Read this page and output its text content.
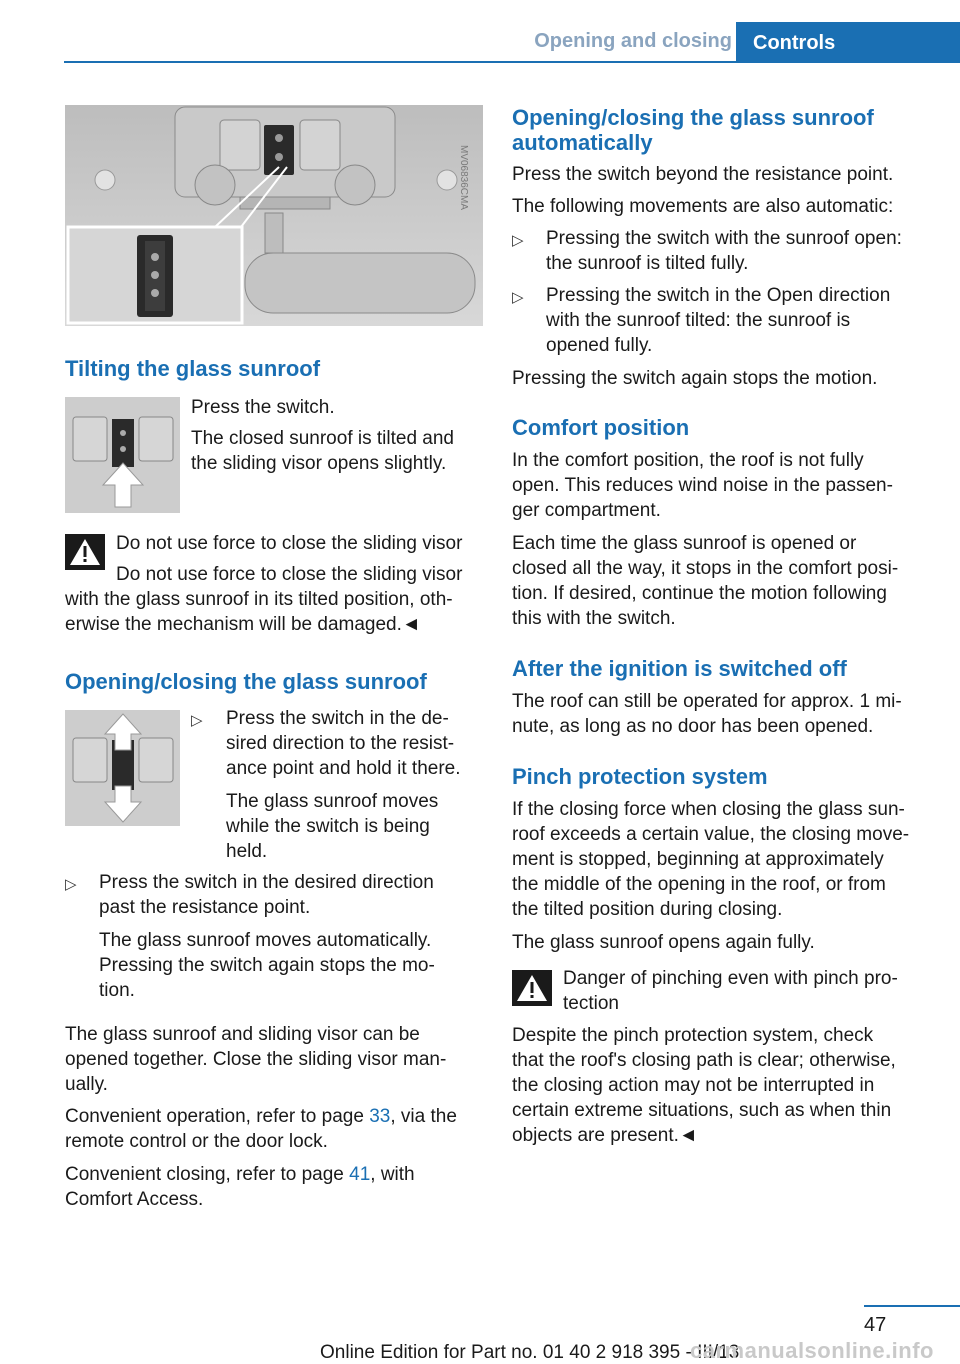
Opening and closing	Controls
MV06836CMA
Tilting the glass sunroof

Press the switch.

The closed sunroof is tilted and

the sliding visor opens slightly.

Do not use force to close the sliding visor

Do not use force to close the sliding visor

with the glass sunroof in its tilted position, oth-

erwise the mechanism will be damaged.◄

Opening/closing the glass sunroof
▷ Press the switch in the de-

sired direction to the resist-

ance point and hold it there.

The glass sunroof moves

while the switch is being

held.

▷ Press the switch in the desired direction

past the resistance point.

The glass sunroof moves automatically.

Pressing the switch again stops the mo-

tion.

The glass sunroof and sliding visor can be

opened together. Close the sliding visor man-

ually.

Convenient operation, refer to page 33, via the

remote control or the door lock.

Convenient closing, refer to page 41, with

Comfort Access.

Opening/closing the glass sunroof
automatically

Press the switch beyond the resistance point.

The following movements are also automatic:

▷ Pressing the switch with the sunroof open:

the sunroof is tilted fully.

▷ Pressing the switch in the Open direction

with the sunroof tilted: the sunroof is

opened fully.

Pressing the switch again stops the motion.

Comfort position

In the comfort position, the roof is not fully

open. This reduces wind noise in the passen-

ger compartment.

Each time the glass sunroof is opened or

closed all the way, it stops in the comfort posi-

tion. If desired, continue the motion following

this with the switch.

After the ignition is switched off

The roof can still be operated for approx. 1 mi-

nute, as long as no door has been opened.

Pinch protection system

If the closing force when closing the glass sun-

roof exceeds a certain value, the closing move-

ment is stopped, beginning at approximately

the middle of the opening in the roof, or from

the tilted position during closing.

The glass sunroof opens again fully.

Danger of pinching even with pinch pro-

tection

Despite the pinch protection system, check

that the roof's closing path is clear; otherwise,

the closing action may not be interrupted in

certain extreme situations, such as when thin

objects are present.◄

47
Online Edition for Part no. 01 40 2 918 395 - III/13
carmanualsonline.info
